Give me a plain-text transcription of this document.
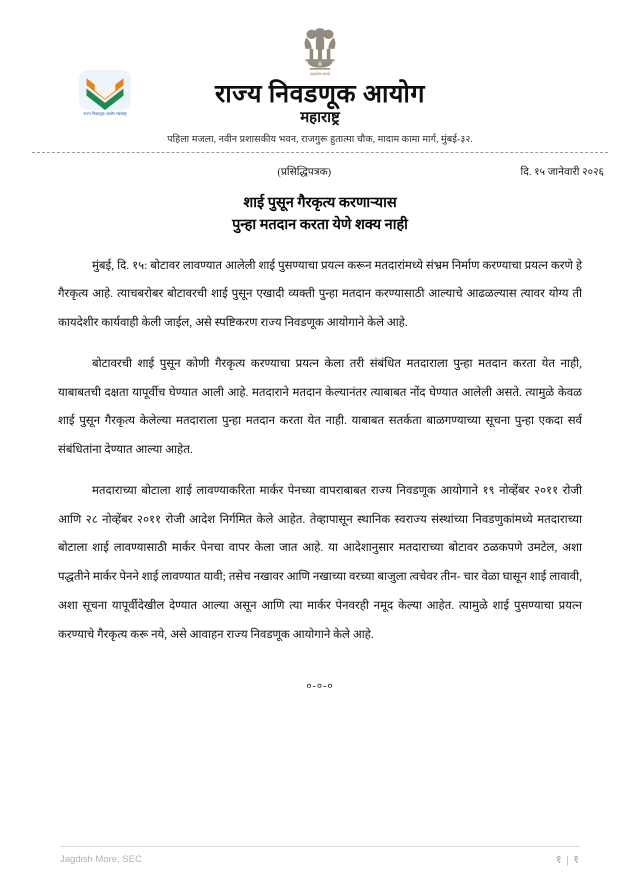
सत्यमेव जयते
राज्य निवडणूक आयोग
महाराष्ट्र
पहिला मजला, नवीन प्रशासकीय भवन, राजगुरू हुतात्मा चौक, मादाम कामा मार्ग, मुंबई-३२.
राज्य निवडणूक आयोग महाराष्ट्र
(प्रसिद्धिपत्रक)	दि. १५ जानेवारी २०२६
शाई पुसून गैरकृत्य करणाऱ्यास
पुन्हा मतदान करता येणे शक्य नाही

मुंबई, दि. १५: बोटावर लावण्यात आलेली शाई पुसण्याचा प्रयत्न करून मतदारांमध्ये संभ्रम निर्माण करण्याचा प्रयत्न करणे हे गैरकृत्य आहे. त्याचबरोबर बोटावरची शाई पुसून एखादी व्यक्ती पुन्हा मतदान करण्यासाठी आल्याचे आढळल्यास त्यावर योग्य ती कायदेशीर कार्यवाही केली जाईल, असे स्पष्टिकरण राज्य निवडणूक आयोगाने केले आहे.

बोटावरची शाई पुसून कोणी गैरकृत्य करण्याचा प्रयत्न केला तरी संबंधित मतदाराला पुन्हा मतदान करता येत नाही, याबाबतची दक्षता यापूर्वीच घेण्यात आली आहे. मतदाराने मतदान केल्यानंतर त्याबाबत नोंद घेण्यात आलेली असते. त्यामुळे केवळ शाई पुसून गैरकृत्य केलेल्या मतदाराला पुन्हा मतदान करता येत नाही. याबाबत सतर्कता बाळगण्याच्या सूचना पुन्हा एकदा सर्व संबंधितांना देण्यात आल्या आहेत.

मतदाराच्या बोटाला शाई लावण्याकरिता मार्कर पेनच्या वापराबाबत राज्य निवडणूक आयोगाने १९ नोव्हेंबर २०११ रोजी आणि २८ नोव्हेंबर २०११ रोजी आदेश निर्गमित केले आहेत. तेव्हापासून स्थानिक स्वराज्य संस्थांच्या निवडणुकांमध्ये मतदाराच्या बोटाला शाई लावण्यासाठी मार्कर पेनचा वापर केला जात आहे. या आदेशानुसार मतदाराच्या बोटावर ठळकपणे उमटेल, अशा पद्धतीने मार्कर पेनने शाई लावण्यात यावी; तसेच नखावर आणि नखाच्या वरच्या बाजुला त्वचेवर तीन- चार वेळा घासून शाई लावावी, अशा सूचना यापूर्वीदेखील देण्यात आल्या असून आणि त्या मार्कर पेनवरही नमूद केल्या आहेत. त्यामुळे शाई पुसण्याचा प्रयत्न करण्याचे गैरकृत्य करू नये, असे आवाहन राज्य निवडणूक आयोगाने केले आहे.

०-०-०
Jagdish More, SEC	१ | १
